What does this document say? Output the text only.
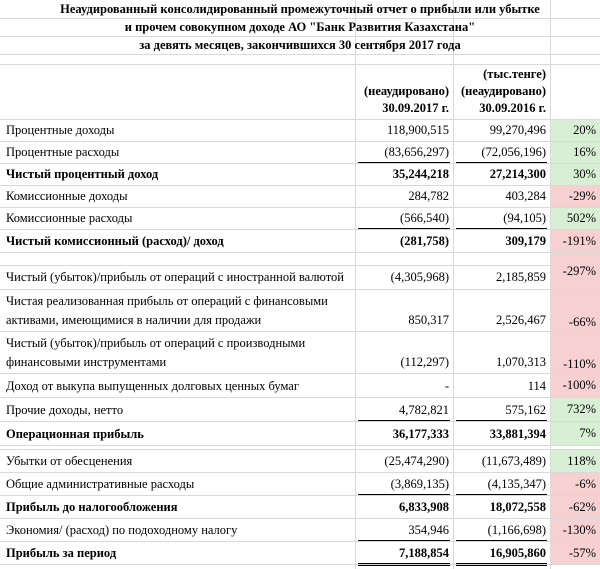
Неаудированный консолидированный промежуточный отчет о прибыли или убытке
и прочем совокупном доходе АО "Банк Развития Казахстана"
за девять месяцев, закончившихся 30 сентября 2017 года
(тыс.тенге)
(неаудировано)
30.09.2017 г.
(неаудировано)
30.09.2016 г.
Процентные доходы	118,900,515	99,270,496	20%
Процентные расходы	(83,656,297)	(72,056,196)	16%
Чистый процентный доход	35,244,218	27,214,300	30%
Комиссионные доходы	284,782	403,284	-29%
Комиссионные расходы	(566,540)	(94,105)	502%
Чистый комиссионный (расход)/ доход	(281,758)	309,179	-191%
Чистый (убыток)/прибыль от операций с иностранной валютой	(4,305,968)	2,185,859	-297%
Чистая реализованная прибыль от операций с финансовыми
активами, имеющимися в наличии для продажи	850,317	2,526,467	-66%
Чистый (убыток)/прибыль от операций с производными
финансовыми инструментами	(112,297)	1,070,313	-110%
Доход от выкупа выпущенных долговых ценных бумаг	-	114	-100%
Прочие доходы, нетто	4,782,821	575,162	732%
Операционная прибыль	36,177,333	33,881,394	7%
Убытки от обесценения	(25,474,290)	(11,673,489)	118%
Общие административные расходы	(3,869,135)	(4,135,347)	-6%
Прибыль до налогообложения	6,833,908	18,072,558	-62%
Экономия/ (расход) по подоходному налогу	354,946	(1,166,698)	-130%
Прибыль за период	7,188,854	16,905,860	-57%
